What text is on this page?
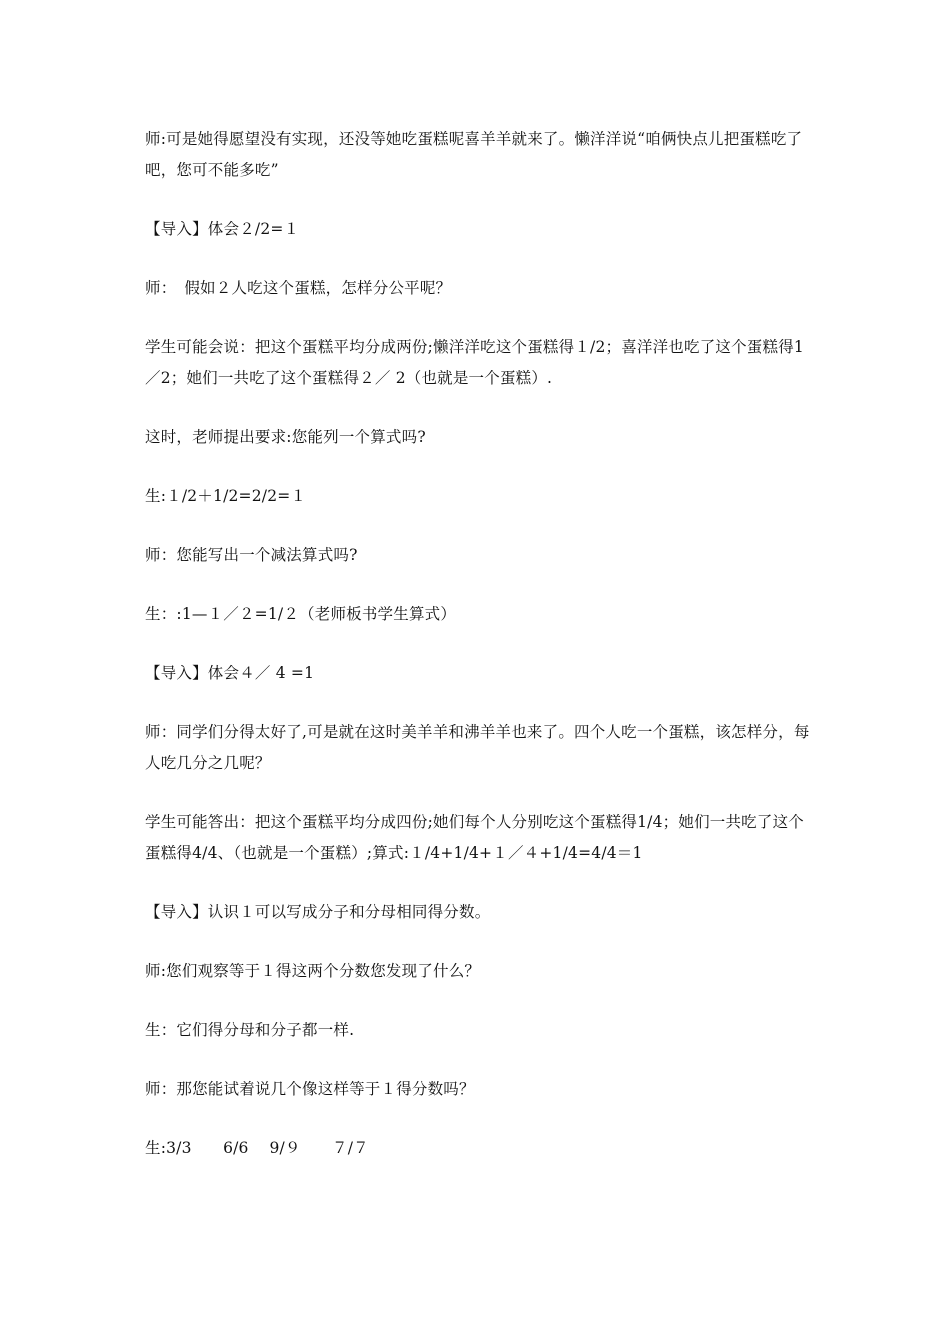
师:可是她得愿望没有实现，还没等她吃蛋糕呢喜羊羊就来了。懒洋洋说“咱俩快点儿把蛋糕吃了吧，您可不能多吃”

【导入】体会２/2=１

师：　假如２人吃这个蛋糕，怎样分公平呢？

学生可能会说：把这个蛋糕平均分成两份;懒洋洋吃这个蛋糕得１/2；喜洋洋也吃了这个蛋糕得1／2；她们一共吃了这个蛋糕得２／ 2（也就是一个蛋糕）.

这时，老师提出要求:您能列一个算式吗?

生:１/2＋1/2=2/2=１

师：您能写出一个减法算式吗?

生：:1—１／２=1/２（老师板书学生算式）

【导入】体会４／ 4 =1

师：同学们分得太好了,可是就在这时美羊羊和沸羊羊也来了。四个人吃一个蛋糕，该怎样分，每人吃几分之几呢？

学生可能答出：把这个蛋糕平均分成四份;她们每个人分别吃这个蛋糕得1/4；她们一共吃了这个蛋糕得4/4、（也就是一个蛋糕）;算式:１/4+1/4+１／４+1/4=4/4＝1

【导入】认识１可以写成分子和分母相同得分数。

师:您们观察等于１得这两个分数您发现了什么？

生：它们得分母和分子都一样.

师：那您能试着说几个像这样等于１得分数吗？

生:3/3　　6/6　 9/９　　７/７
